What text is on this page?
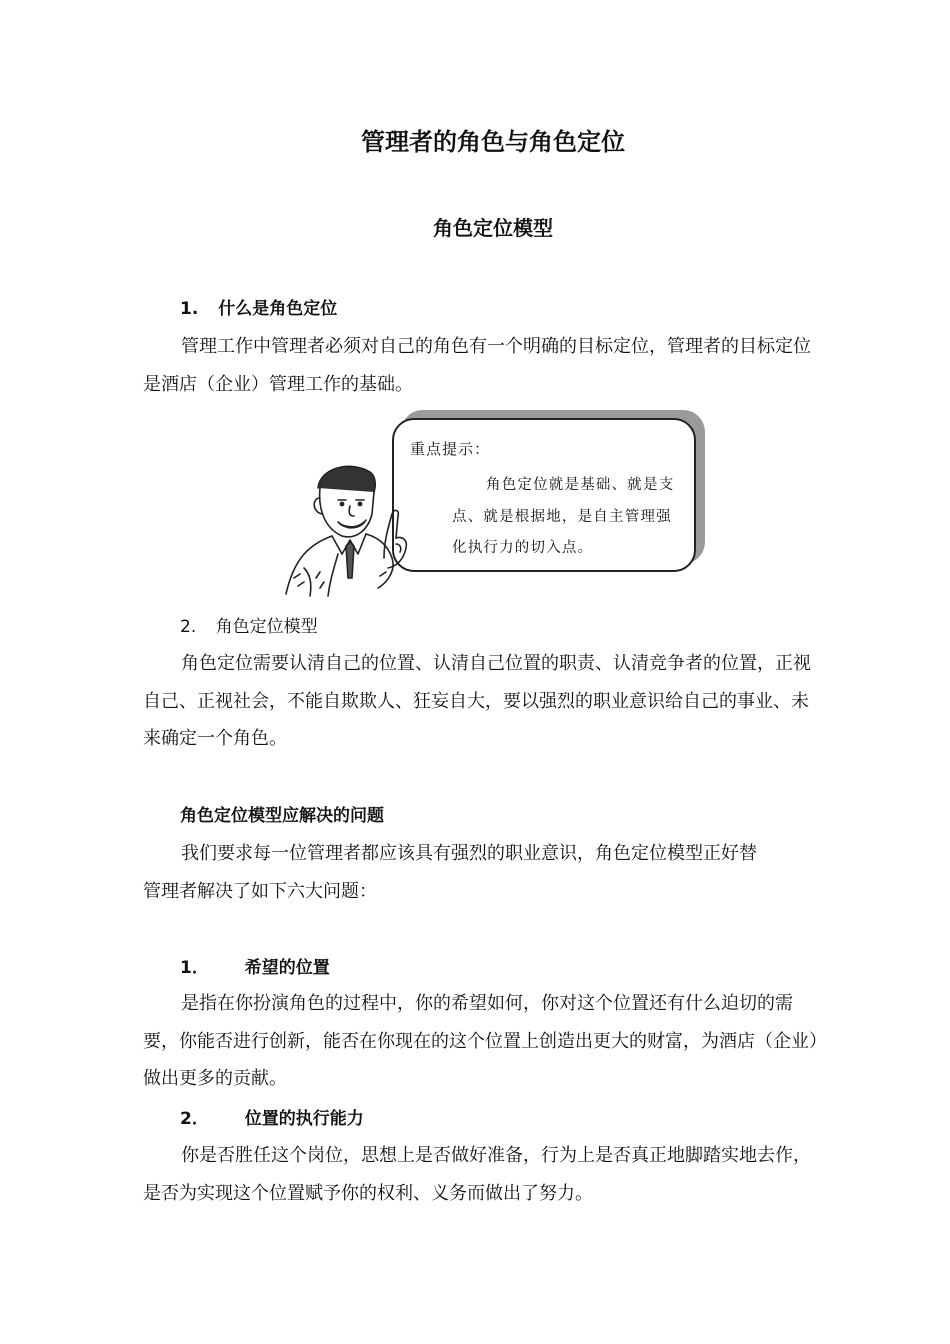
管理者的角色与角色定位
角色定位模型
1. 什么是角色定位

管理工作中管理者必须对自己的角色有一个明确的目标定位，管理者的目标定位是酒店（企业）管理工作的基础。

重点提示：
角色定位就是基础、就是支点、就是根据地，是自主管理强化执行力的切入点。
2. 角色定位模型

角色定位需要认清自己的位置、认清自己位置的职责、认清竞争者的位置，正视自己、正视社会，不能自欺欺人、狂妄自大，要以强烈的职业意识给自己的事业、未来确定一个角色。

角色定位模型应解决的问题
我们要求每一位管理者都应该具有强烈的职业意识，角色定位模型正好替
管理者解决了如下六大问题：
1． 希望的位置

是指在你扮演角色的过程中，你的希望如何，你对这个位置还有什么迫切的需要，你能否进行创新，能否在你现在的这个位置上创造出更大的财富，为酒店（企业）做出更多的贡献。

2． 位置的执行能力

你是否胜任这个岗位，思想上是否做好准备，行为上是否真正地脚踏实地去作，是否为实现这个位置赋予你的权利、义务而做出了努力。
